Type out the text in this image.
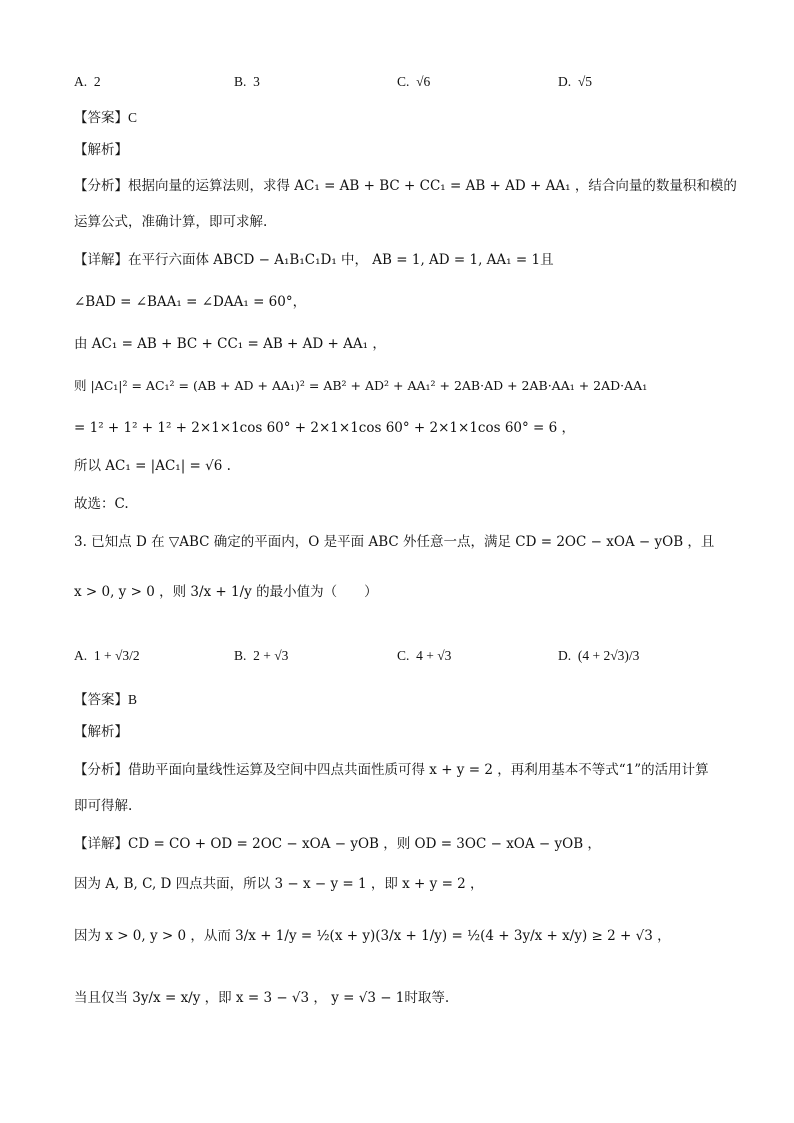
A. 2	B. 3	C. √6	D. √5
【答案】C
【解析】
【分析】根据向量的运算法则，求得 AC₁ = AB + BC + CC₁ = AB + AD + AA₁ ，结合向量的数量积和模的
运算公式，准确计算，即可求解.
【详解】在平行六面体 ABCD − A₁B₁C₁D₁ 中， AB = 1, AD = 1, AA₁ = 1且
∠BAD = ∠BAA₁ = ∠DAA₁ = 60°，
由 AC₁ = AB + BC + CC₁ = AB + AD + AA₁ ，
则 |AC₁|² = AC₁² = (AB + AD + AA₁)² = AB² + AD² + AA₁² + 2AB·AD + 2AB·AA₁ + 2AD·AA₁
= 1² + 1² + 1² + 2×1×1cos 60° + 2×1×1cos 60° + 2×1×1cos 60° = 6 ，
所以 AC₁ = |AC₁| = √6 .
故选：C.
3. 已知点 D 在 ▽ABC 确定的平面内，O 是平面 ABC 外任意一点，满足 CD = 2OC − xOA − yOB ，且
x > 0, y > 0 ，则 3/x + 1/y 的最小值为（　　）
A. 1 + √3/2	B. 2 + √3	C. 4 + √3	D. (4 + 2√3)/3
【答案】B
【解析】
【分析】借助平面向量线性运算及空间中四点共面性质可得 x + y = 2 ，再利用基本不等式“1”的活用计算
即可得解.
【详解】CD = CO + OD = 2OC − xOA − yOB ，则 OD = 3OC − xOA − yOB ，
因为 A, B, C, D 四点共面，所以 3 − x − y = 1 ，即 x + y = 2 ，
因为 x > 0, y > 0 ，从而 3/x + 1/y = ½(x + y)(3/x + 1/y) = ½(4 + 3y/x + x/y) ≥ 2 + √3 ，
当且仅当 3y/x = x/y ，即 x = 3 − √3 ， y = √3 − 1时取等.
